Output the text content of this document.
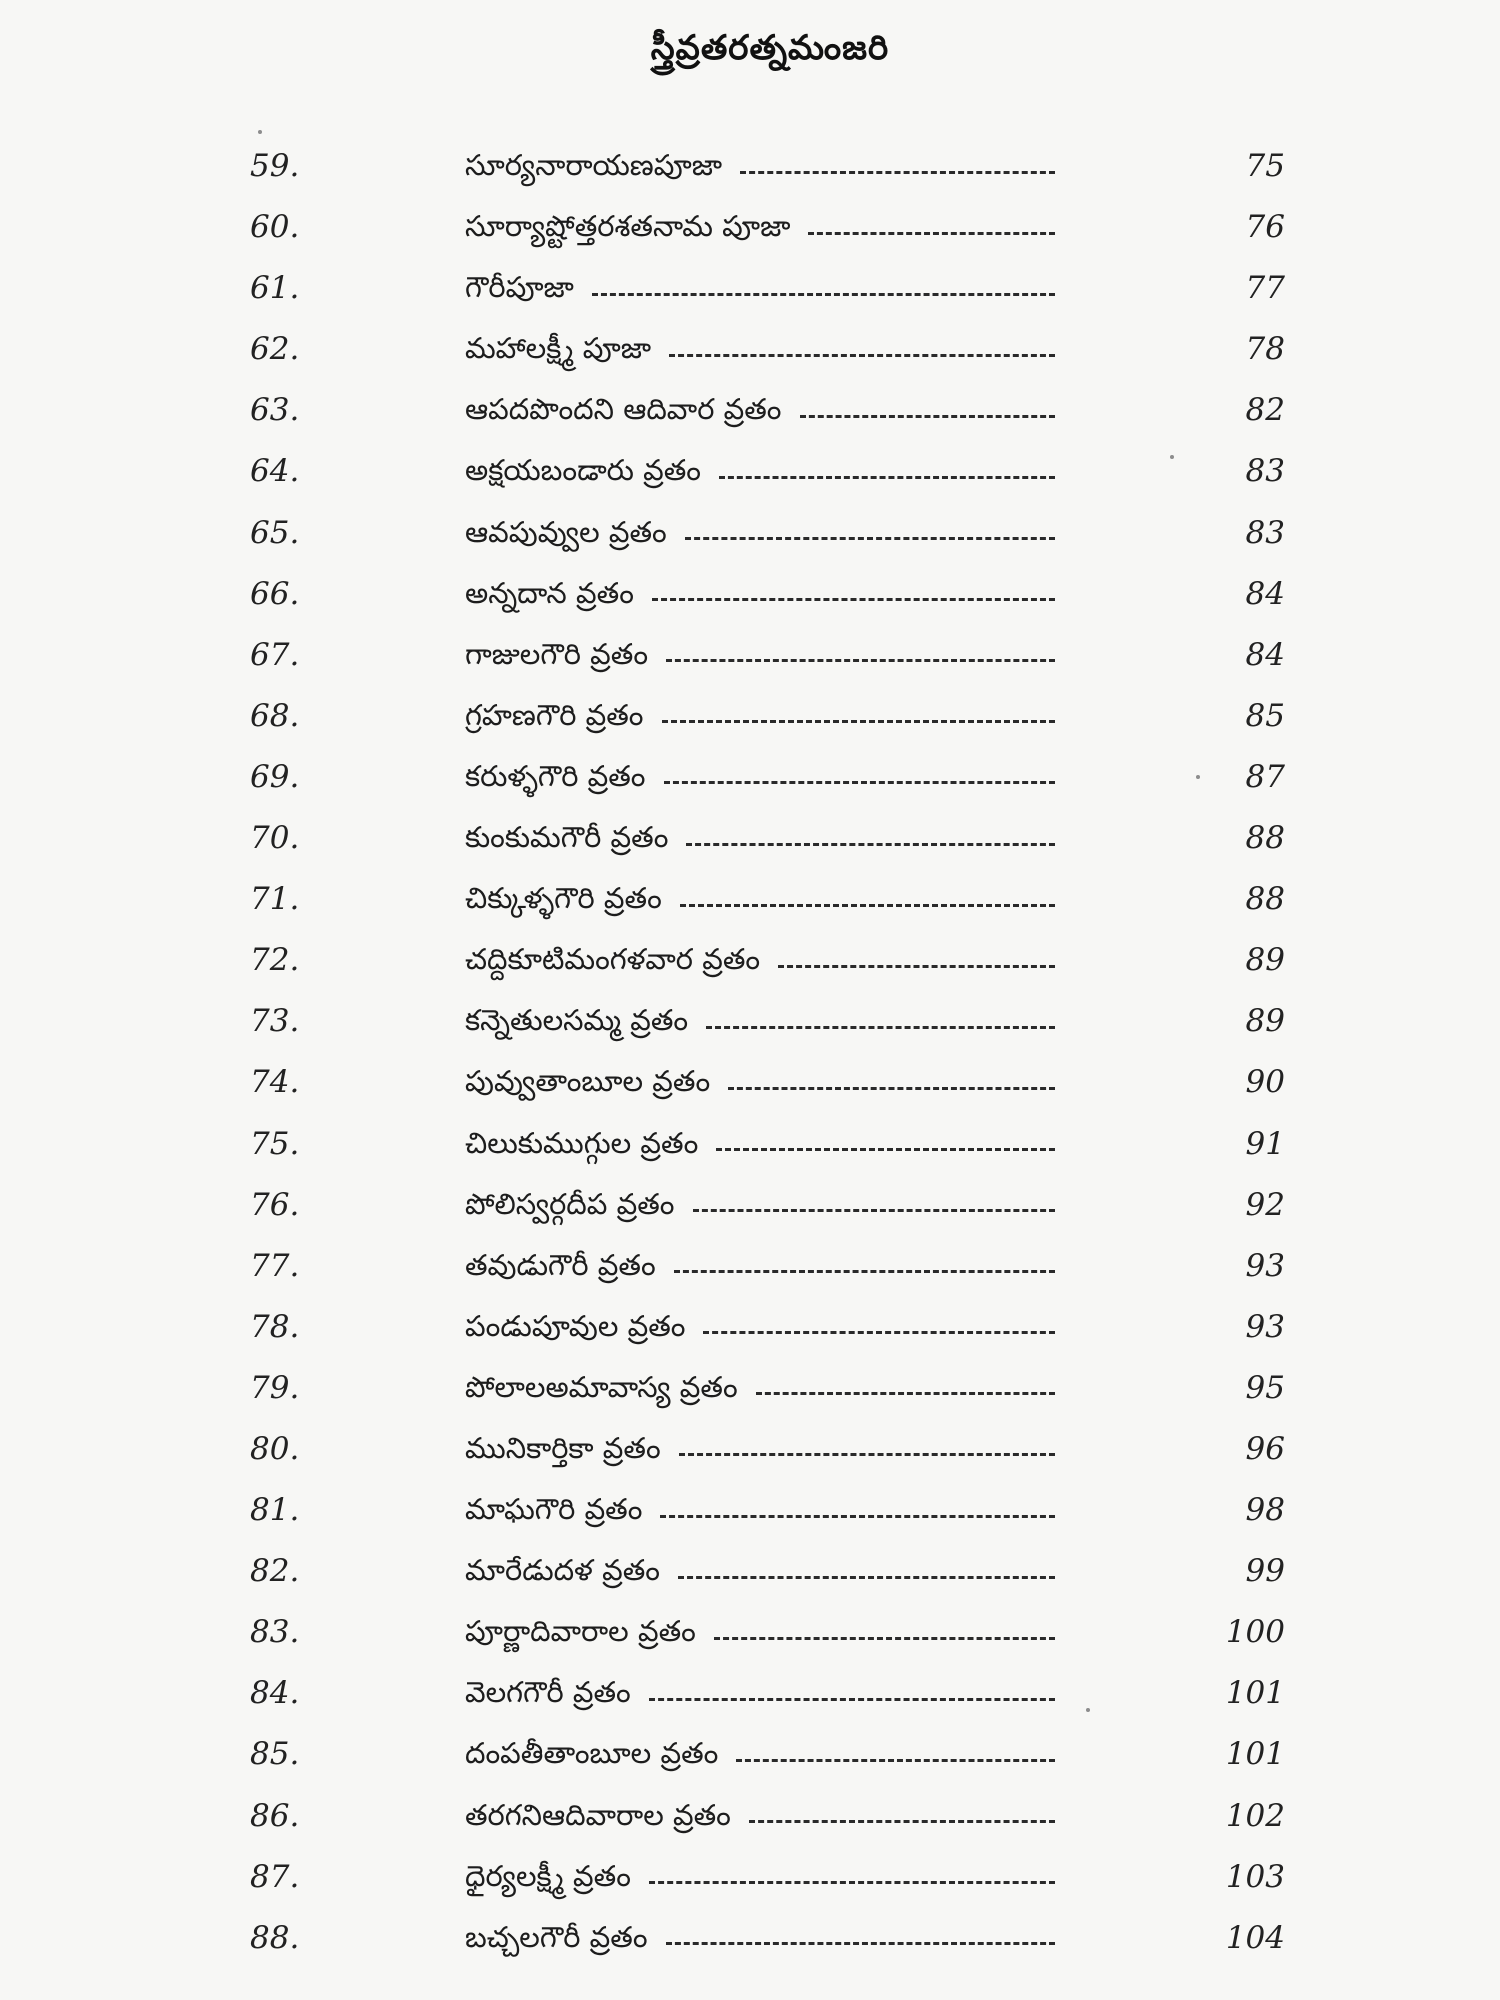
స్త్రీవ్రతరత్నమంజరి
59.	సూర్యనారాయణపూజా	75
60.	సూర్యాష్టోత్తరశతనామ పూజా	76
61.	గౌరీపూజా	77
62.	మహాలక్ష్మీ పూజా	78
63.	ఆపదపొందని ఆదివార వ్రతం	82
64.	అక్షయబండారు వ్రతం	83
65.	ఆవపువ్వుల వ్రతం	83
66.	అన్నదాన వ్రతం	84
67.	గాజులగౌరి వ్రతం	84
68.	గ్రహణగౌరి వ్రతం	85
69.	కరుళ్ళగౌరి వ్రతం	87
70.	కుంకుమగౌరీ వ్రతం	88
71.	చిక్కుళ్ళగౌరి వ్రతం	88
72.	చద్దికూటిమంగళవార వ్రతం	89
73.	కన్నెతులసమ్మ వ్రతం	89
74.	పువ్వుతాంబూల వ్రతం	90
75.	చిలుకుముగ్గుల వ్రతం	91
76.	పోలిస్వర్గదీప వ్రతం	92
77.	తవుడుగౌరీ వ్రతం	93
78.	పండుపూవుల వ్రతం	93
79.	పోలాలఅమావాస్య వ్రతం	95
80.	మునికార్తికా వ్రతం	96
81.	మాఘగౌరి వ్రతం	98
82.	మారేడుదళ వ్రతం	99
83.	పూర్ణాదివారాల వ్రతం	100
84.	వెలగగౌరీ వ్రతం	101
85.	దంపతీతాంబూల వ్రతం	101
86.	తరగనిఆదివారాల వ్రతం	102
87.	ధైర్యలక్ష్మీ వ్రతం	103
88.	బచ్చలగౌరీ వ్రతం	104
